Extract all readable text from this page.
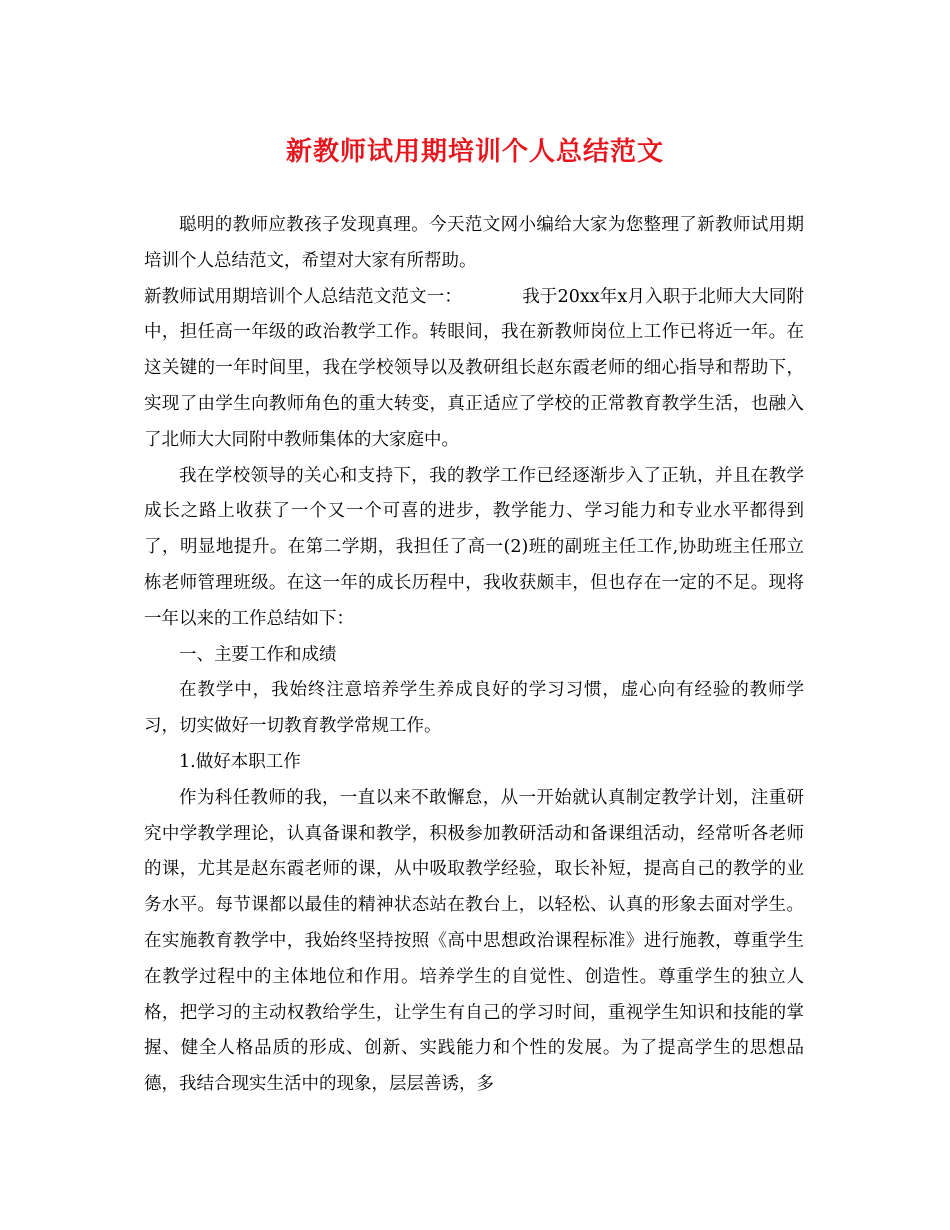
新教师试用期培训个人总结范文

聪明的教师应教孩子发现真理。今天范文网小编给大家为您整理了新教师试用期培训个人总结范文，希望对大家有所帮助。

新教师试用期培训个人总结范文范文一：	我于20xx年x月入职于北师大大同附中，担任高一年级的政治教学工作。转眼间，我在新教师岗位上工作已将近一年。在这关键的一年时间里，我在学校领导以及教研组长赵东霞老师的细心指导和帮助下，实现了由学生向教师角色的重大转变，真正适应了学校的正常教育教学生活，也融入了北师大大同附中教师集体的大家庭中。

我在学校领导的关心和支持下，我的教学工作已经逐渐步入了正轨，并且在教学成长之路上收获了一个又一个可喜的进步，教学能力、学习能力和专业水平都得到了，明显地提升。在第二学期，我担任了高一(2)班的副班主任工作,协助班主任邢立栋老师管理班级。在这一年的成长历程中，我收获颇丰，但也存在一定的不足。现将一年以来的工作总结如下：

一、主要工作和成绩

在教学中，我始终注意培养学生养成良好的学习习惯，虚心向有经验的教师学习，切实做好一切教育教学常规工作。

1.做好本职工作

作为科任教师的我，一直以来不敢懈怠，从一开始就认真制定教学计划，注重研究中学教学理论，认真备课和教学，积极参加教研活动和备课组活动，经常听各老师的课，尤其是赵东霞老师的课，从中吸取教学经验，取长补短，提高自己的教学的业务水平。每节课都以最佳的精神状态站在教台上，以轻松、认真的形象去面对学生。在实施教育教学中，我始终坚持按照《高中思想政治课程标准》进行施教，尊重学生在教学过程中的主体地位和作用。培养学生的自觉性、创造性。尊重学生的独立人格，把学习的主动权教给学生，让学生有自己的学习时间，重视学生知识和技能的掌握、健全人格品质的形成、创新、实践能力和个性的发展。为了提高学生的思想品德，我结合现实生活中的现象，层层善诱，多
